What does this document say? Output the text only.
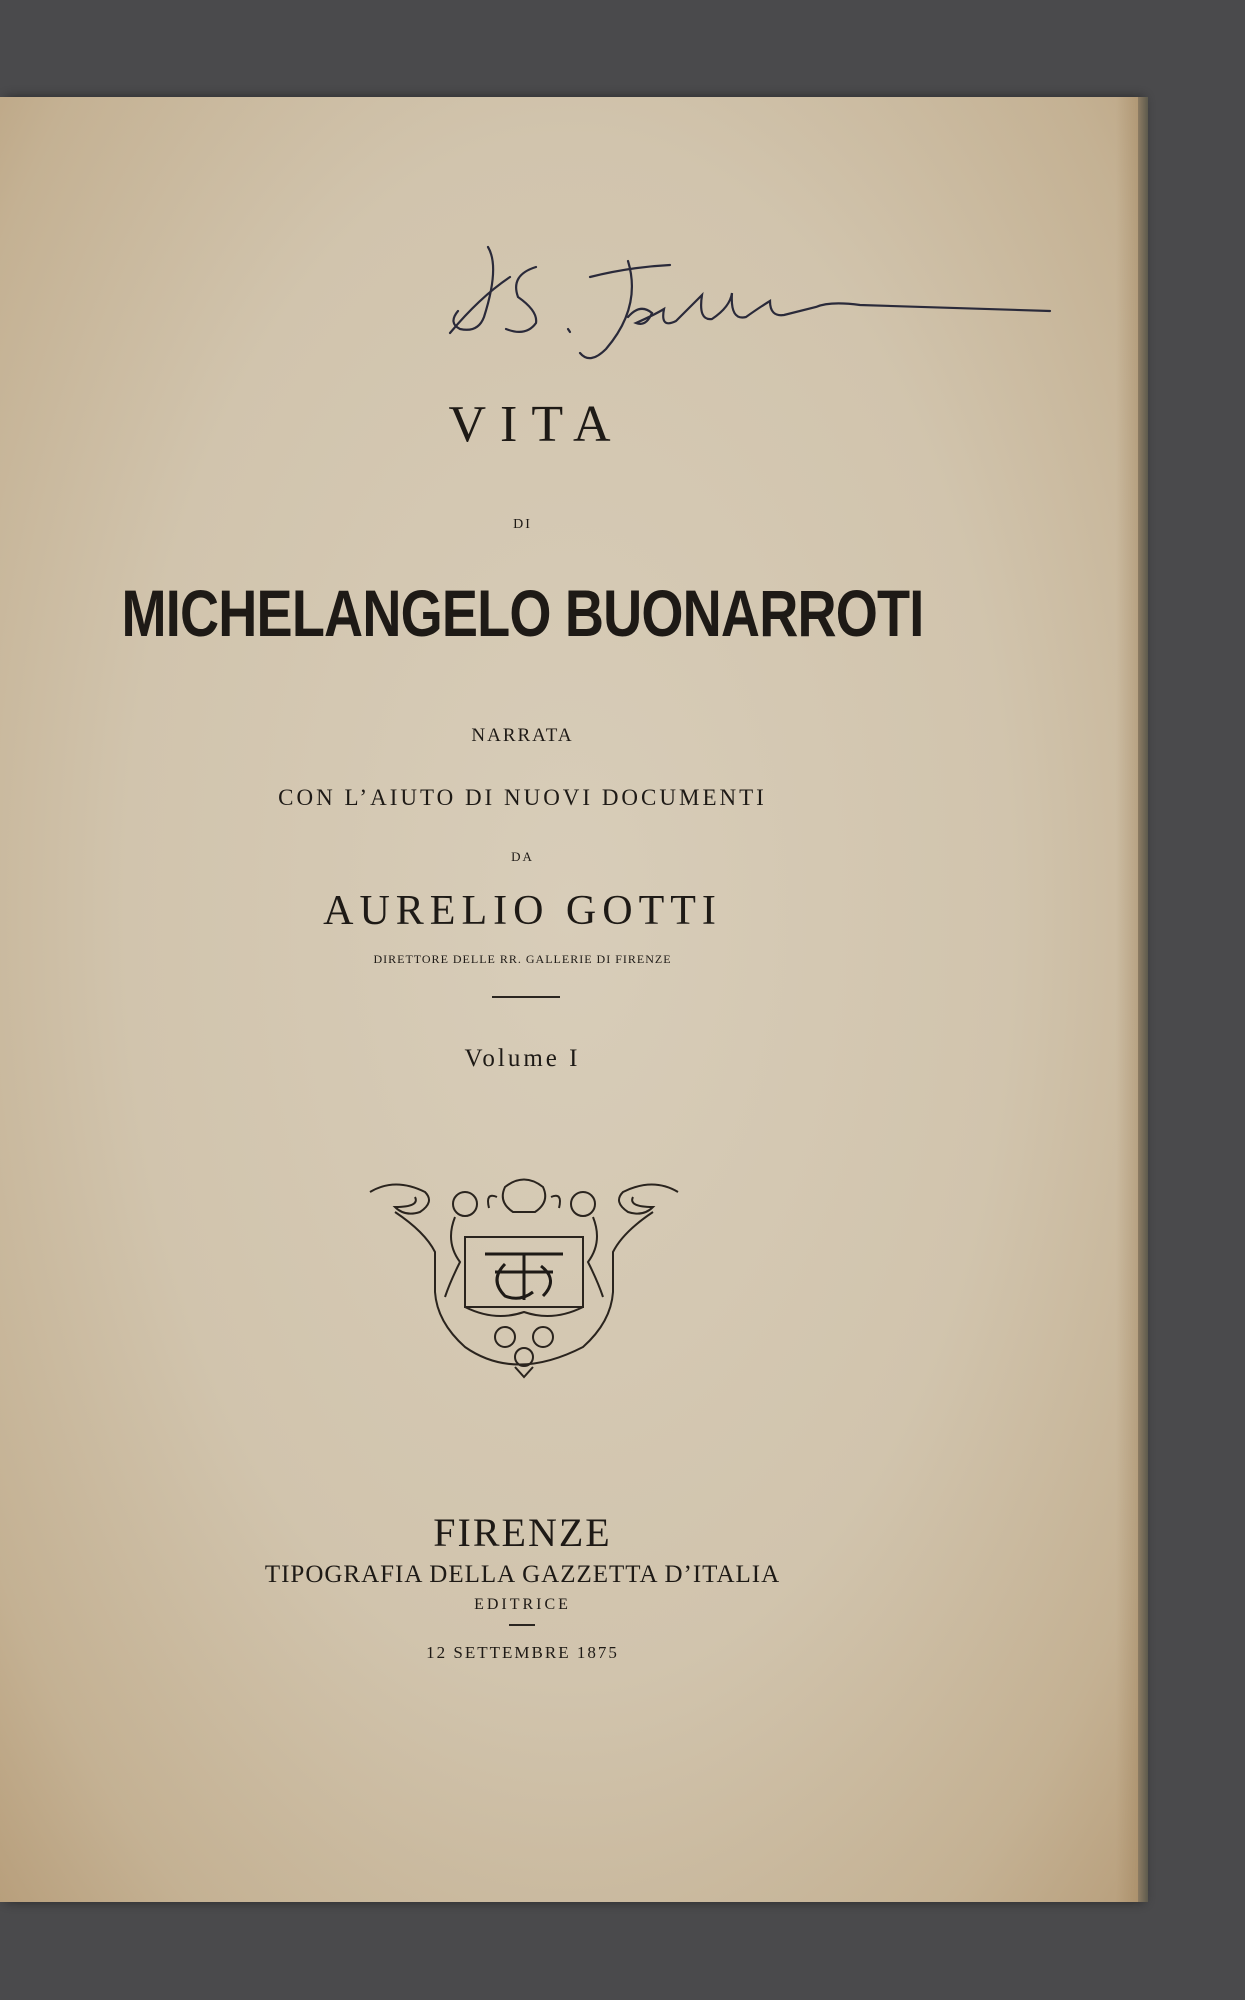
VITA
DI
MICHELANGELO BUONARROTI
NARRATA
CON L’AIUTO DI NUOVI DOCUMENTI
DA
AURELIO GOTTI
DIRETTORE DELLE RR. GALLERIE DI FIRENZE
Volume I
FIRENZE
TIPOGRAFIA DELLA GAZZETTA D’ITALIA
EDITRICE
12 SETTEMBRE 1875
